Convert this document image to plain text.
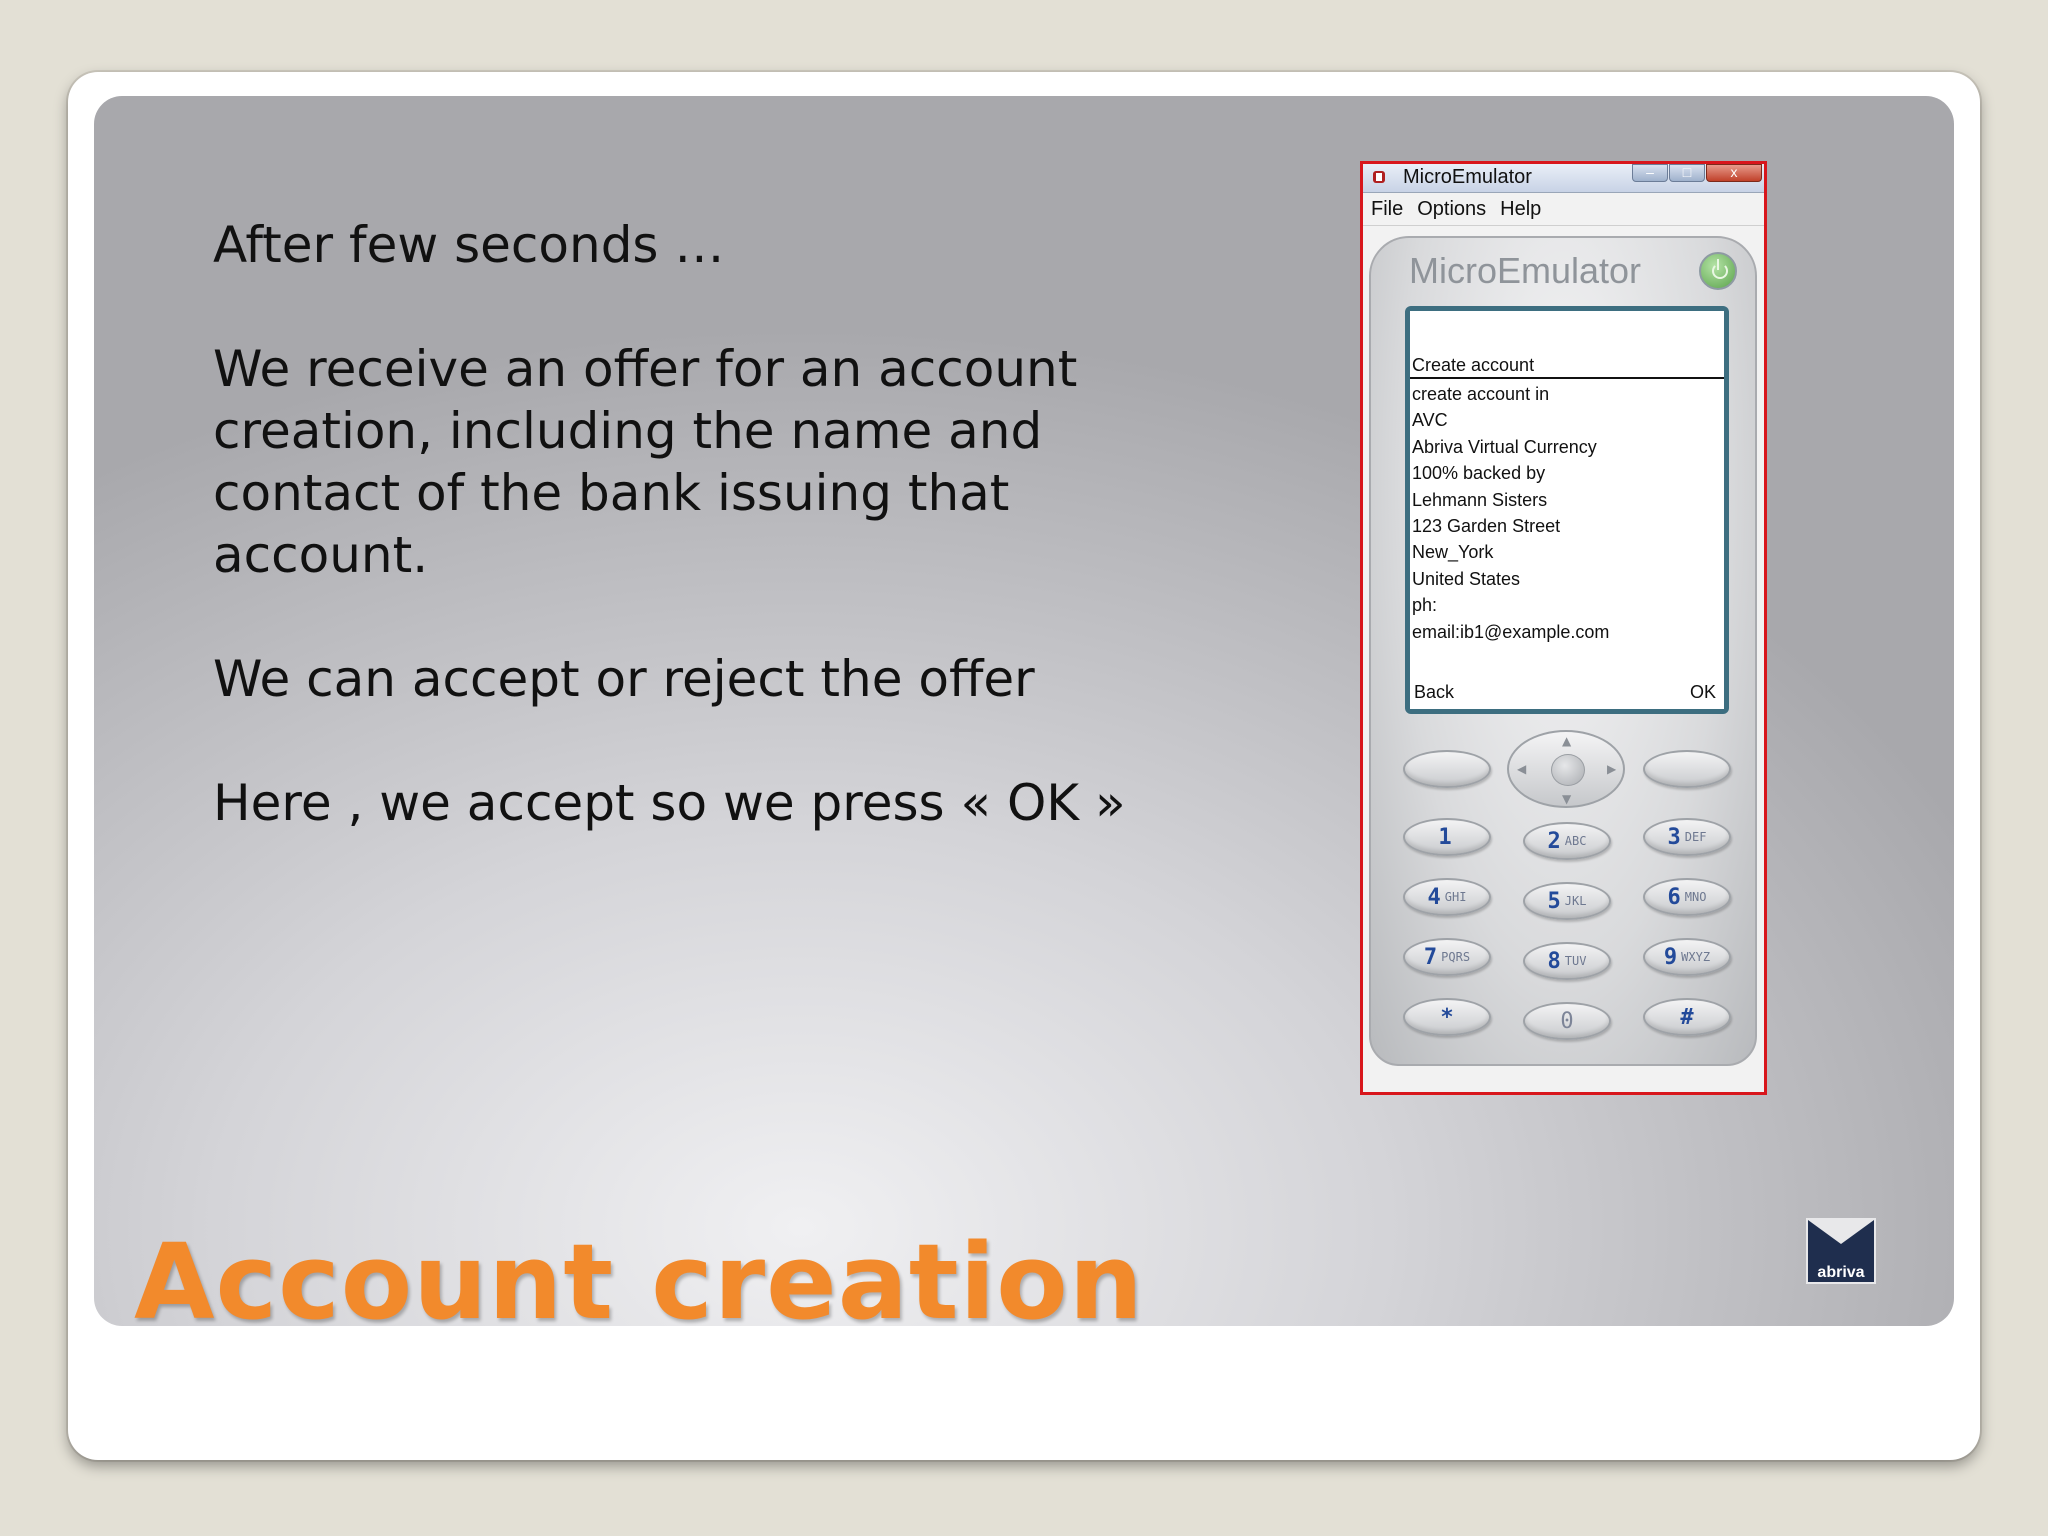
After few seconds …

We receive an offer for an account

creation, including the name and

contact of the bank issuing that

account.

We can accept or reject the offer

Here , we accept so we press « OK »

Account creation
MicroEmulator	–	□	x
File Options Help
MicroEmulator
Create account
create account in
AVC
Abriva Virtual Currency
100% backed by
Lehmann Sisters
123 Garden Street
New_York
United States
ph:
email:ib1@example.com
Back	OK
▲
▼
◀	▶
1	2 ABC	3 DEF
4 GHI	5 JKL	6 MNO
7 PQRS	8 TUV	9 WXYZ
*	0	#
abriva
